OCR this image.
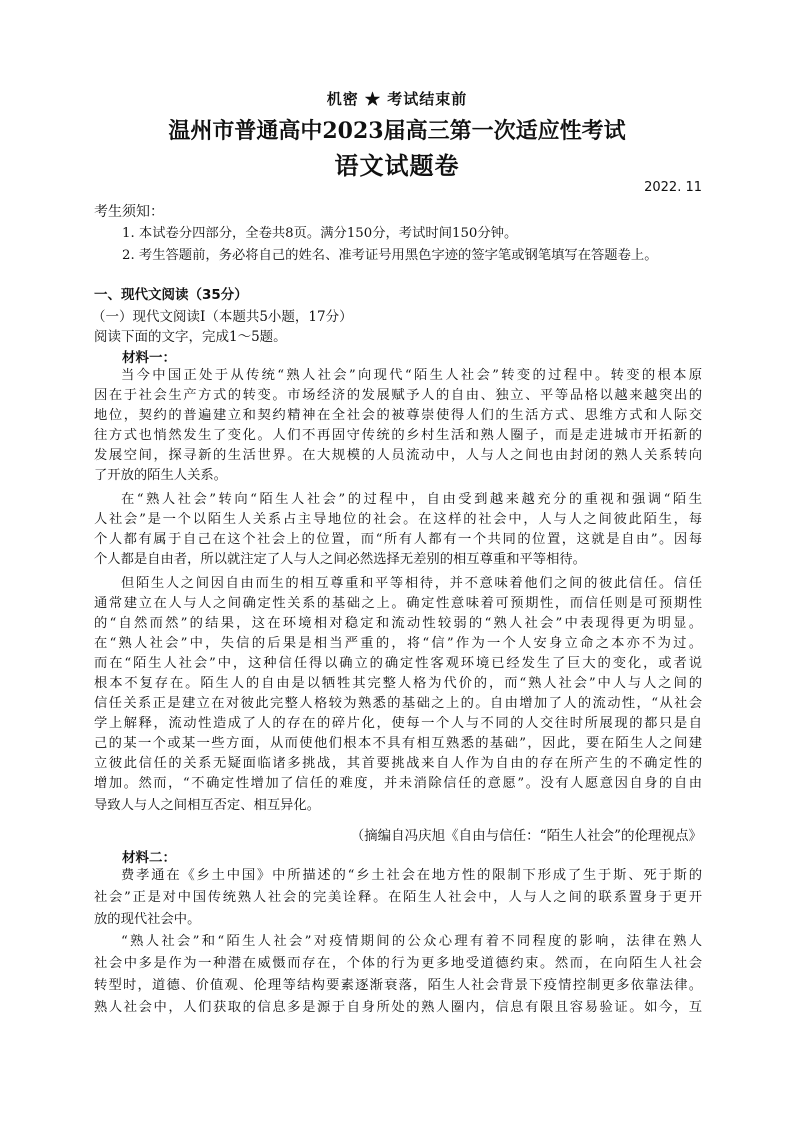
机密 ★ 考试结束前
温州市普通高中2023届高三第一次适应性考试
语文试题卷
2022. 11
考生须知：
1. 本试卷分四部分，全卷共8页。满分150分，考试时间150分钟。
2. 考生答题前，务必将自己的姓名、准考证号用黑色字迹的签字笔或钢笔填写在答题卷上。
一、现代文阅读（35分）
（一）现代文阅读Ⅰ（本题共5小题，17分）
阅读下面的文字，完成1～5题。
材料一：
当今中国正处于从传统“熟人社会”向现代“陌生人社会”转变的过程中。转变的根本原
因在于社会生产方式的转变。市场经济的发展赋予人的自由、独立、平等品格以越来越突出的
地位，契约的普遍建立和契约精神在全社会的被尊崇使得人们的生活方式、思维方式和人际交
往方式也悄然发生了变化。人们不再固守传统的乡村生活和熟人圈子，而是走进城市开拓新的
发展空间，探寻新的生活世界。在大规模的人员流动中，人与人之间也由封闭的熟人关系转向
了开放的陌生人关系。
在“熟人社会”转向“陌生人社会”的过程中，自由受到越来越充分的重视和强调“陌生
人社会”是一个以陌生人关系占主导地位的社会。在这样的社会中，人与人之间彼此陌生，每
个人都有属于自己在这个社会上的位置，而“所有人都有一个共同的位置，这就是自由”。因每
个人都是自由者，所以就注定了人与人之间必然选择无差别的相互尊重和平等相待。
但陌生人之间因自由而生的相互尊重和平等相待，并不意味着他们之间的彼此信任。信任
通常建立在人与人之间确定性关系的基础之上。确定性意味着可预期性，而信任则是可预期性
的“自然而然”的结果，这在环境相对稳定和流动性较弱的“熟人社会”中表现得更为明显。
在“熟人社会”中，失信的后果是相当严重的，将“信”作为一个人安身立命之本亦不为过。
而在“陌生人社会”中，这种信任得以确立的确定性客观环境已经发生了巨大的变化，或者说
根本不复存在。陌生人的自由是以牺牲其完整人格为代价的，而“熟人社会”中人与人之间的
信任关系正是建立在对彼此完整人格较为熟悉的基础之上的。自由增加了人的流动性，“从社会
学上解释，流动性造成了人的存在的碎片化，使每一个人与不同的人交往时所展现的都只是自
己的某一个或某一些方面，从而使他们根本不具有相互熟悉的基础”，因此，要在陌生人之间建
立彼此信任的关系无疑面临诸多挑战，其首要挑战来自人作为自由的存在所产生的不确定性的
增加。然而，“不确定性增加了信任的难度，并未消除信任的意愿”。没有人愿意因自身的自由
导致人与人之间相互否定、相互异化。
（摘编自冯庆旭《自由与信任：“陌生人社会”的伦理视点》
材料二：
费孝通在《乡土中国》中所描述的“乡土社会在地方性的限制下形成了生于斯、死于斯的
社会”正是对中国传统熟人社会的完美诠释。在陌生人社会中，人与人之间的联系置身于更开
放的现代社会中。
“熟人社会”和“陌生人社会”对疫情期间的公众心理有着不同程度的影响，法律在熟人
社会中多是作为一种潜在威慑而存在，个体的行为更多地受道德约束。然而，在向陌生人社会
转型时，道德、价值观、伦理等结构要素逐渐衰落，陌生人社会背景下疫情控制更多依靠法律。
熟人社会中，人们获取的信息多是源于自身所处的熟人圈内，信息有限且容易验证。如今，互
